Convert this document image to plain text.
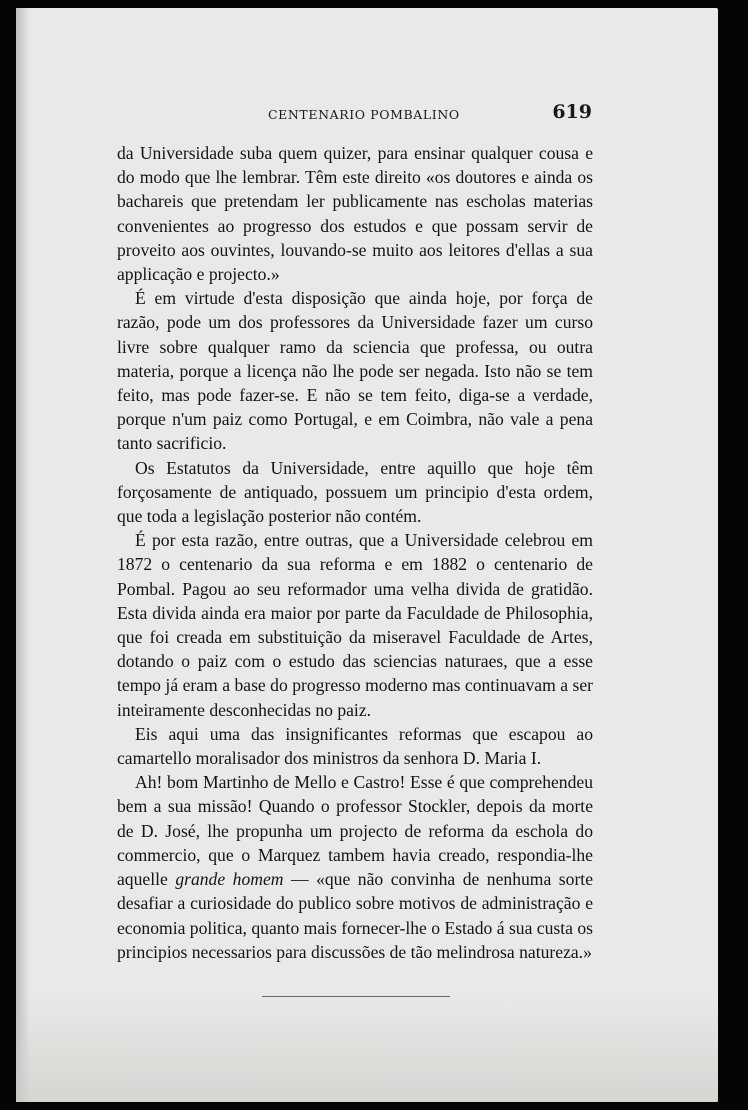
CENTENARIO POMBALINO	619

da Universidade suba quem quizer, para ensinar qualquer cousa e do modo que lhe lembrar. Têm este direito «os doutores e ainda os bachareis que pretendam ler publicamente nas escholas materias convenientes ao progresso dos estudos e que possam servir de proveito aos ouvintes, louvando-se muito aos leitores d'ellas a sua applicação e projecto.»

É em virtude d'esta disposição que ainda hoje, por força de razão, pode um dos professores da Universidade fazer um curso livre sobre qualquer ramo da sciencia que professa, ou outra materia, porque a licença não lhe pode ser negada. Isto não se tem feito, mas pode fazer-se. E não se tem feito, diga-se a verdade, porque n'um paiz como Portugal, e em Coimbra, não vale a pena tanto sacrificio.

Os Estatutos da Universidade, entre aquillo que hoje têm forçosamente de antiquado, possuem um principio d'esta ordem, que toda a legislação posterior não contém.

É por esta razão, entre outras, que a Universidade celebrou em 1872 o centenario da sua reforma e em 1882 o centenario de Pombal. Pagou ao seu reformador uma velha divida de gratidão. Esta divida ainda era maior por parte da Faculdade de Philosophia, que foi creada em substituição da miseravel Faculdade de Artes, dotando o paiz com o estudo das sciencias naturaes, que a esse tempo já eram a base do progresso moderno mas continuavam a ser inteiramente desconhecidas no paiz.

Eis aqui uma das insignificantes reformas que escapou ao camartello moralisador dos ministros da senhora D. Maria I.

Ah! bom Martinho de Mello e Castro! Esse é que comprehendeu bem a sua missão! Quando o professor Stockler, depois da morte de D. José, lhe propunha um projecto de reforma da escholа do commercio, que o Marquez tambem havia creado, respondia-lhe aquelle grande homem — «que não convinha de nenhuma sorte desafiar a curiosidade do publico sobre motivos de administração e economia politica, quanto mais fornecer-lhe o Estado á sua custa os principios necessarios para discussões de tão melindrosa natureza.»
